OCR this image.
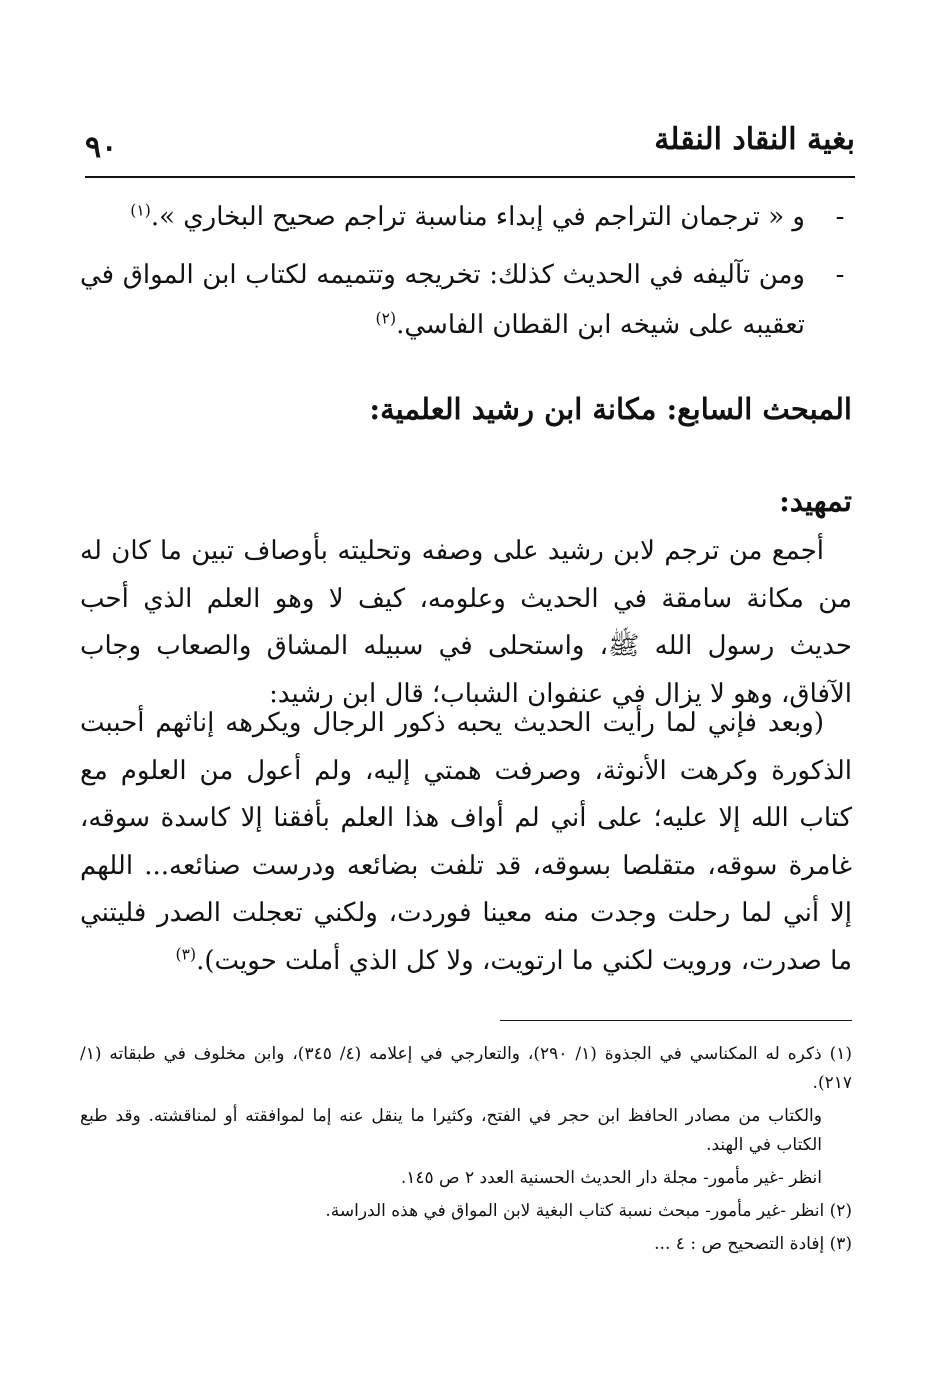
٩٠	بغية النقاد النقلة
-
و « ترجمان التراجم في إبداء مناسبة تراجم صحيح البخاري ».$^{(١)}$
-
ومن تآليفه في الحديث كذلك: تخريجه وتتميمه لكتاب ابن المواق في تعقيبه على شيخه ابن القطان الفاسي.$^{(٢)}$
المبحث السابع: مكانة ابن رشيد العلمية:
تمهيد:
أجمع من ترجم لابن رشيد على وصفه وتحليته بأوصاف تبين ما كان له من مكانة سامقة في الحديث وعلومه، كيف لا وهو العلم الذي أحب حديث رسول الله ﷺ، واستحلى في سبيله المشاق والصعاب وجاب الآفاق، وهو لا يزال في عنفوان الشباب؛ قال ابن رشيد:
(وبعد فإني لما رأيت الحديث يحبه ذكور الرجال ويكرهه إناثهم أحببت الذكورة وكرهت الأنوثة، وصرفت همتي إليه، ولم أعول من العلوم مع كتاب الله إلا عليه؛ على أني لم أواف هذا العلم بأفقنا إلا كاسدة سوقه، غامرة سوقه، متقلصا بسوقه، قد تلفت بضائعه ودرست صنائعه... اللهم إلا أني لما رحلت وجدت منه معينا فوردت، ولكني تعجلت الصدر فليتني ما صدرت، ورويت لكني ما ارتويت، ولا كل الذي أملت حويت).$^{(٣)}$
(١) ذكره له المكناسي في الجذوة (١/ ٢٩٠)، والتعارجي في إعلامه (٤/ ٣٤٥)، وابن مخلوف في طبقاته (١/ ٢١٧).
والكتاب من مصادر الحافظ ابن حجر في الفتح، وكثيرا ما ينقل عنه إما لموافقته أو لمناقشته. وقد طبع الكتاب في الهند.
انظر -غير مأمور- مجلة دار الحديث الحسنية العدد ٢ ص ١٤٥.
(٢) انظر -غير مأمور- مبحث نسبة كتاب البغية لابن المواق في هذه الدراسة.
(٣) إفادة التصحيح ص : ٤ ...
